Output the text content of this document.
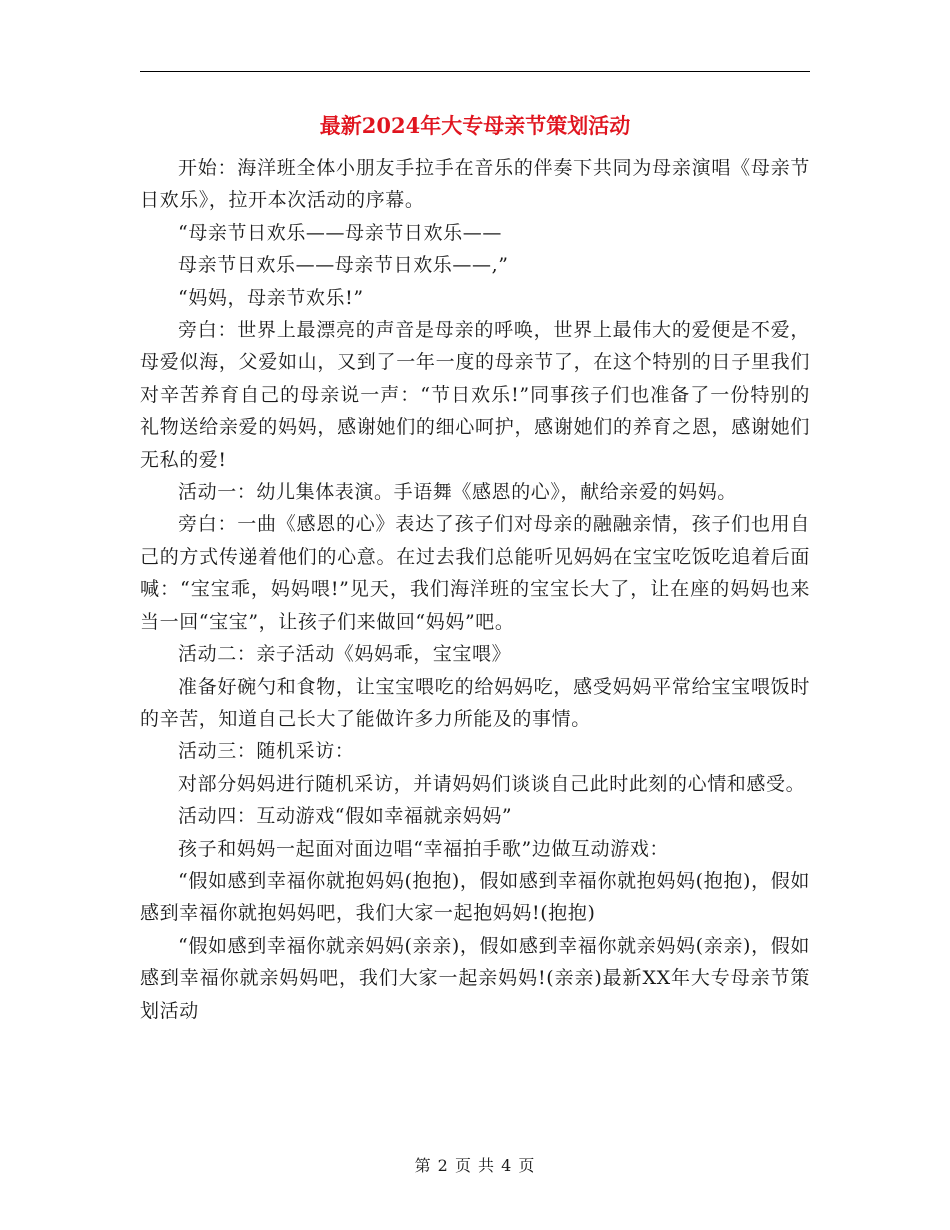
最新2024年大专母亲节策划活动

开始：海洋班全体小朋友手拉手在音乐的伴奏下共同为母亲演唱《母亲节日欢乐》，拉开本次活动的序幕。

“母亲节日欢乐——母亲节日欢乐——

母亲节日欢乐——母亲节日欢乐——,”

“妈妈，母亲节欢乐!”

旁白：世界上最漂亮的声音是母亲的呼唤，世界上最伟大的爱便是不爱，母爱似海，父爱如山，又到了一年一度的母亲节了，在这个特别的日子里我们对辛苦养育自己的母亲说一声：“节日欢乐!”同事孩子们也准备了一份特别的礼物送给亲爱的妈妈，感谢她们的细心呵护，感谢她们的养育之恩，感谢她们无私的爱!

活动一：幼儿集体表演。手语舞《感恩的心》，献给亲爱的妈妈。

旁白：一曲《感恩的心》表达了孩子们对母亲的融融亲情，孩子们也用自己的方式传递着他们的心意。在过去我们总能听见妈妈在宝宝吃饭吃追着后面喊：“宝宝乖，妈妈喂!”见天，我们海洋班的宝宝长大了，让在座的妈妈也来当一回“宝宝”，让孩子们来做回“妈妈”吧。

活动二：亲子活动《妈妈乖，宝宝喂》

准备好碗勺和食物，让宝宝喂吃的给妈妈吃，感受妈妈平常给宝宝喂饭时的辛苦，知道自己长大了能做许多力所能及的事情。

活动三：随机采访：

对部分妈妈进行随机采访，并请妈妈们谈谈自己此时此刻的心情和感受。

活动四：互动游戏“假如幸福就亲妈妈”

孩子和妈妈一起面对面边唱“幸福拍手歌”边做互动游戏：

“假如感到幸福你就抱妈妈(抱抱)，假如感到幸福你就抱妈妈(抱抱)，假如感到幸福你就抱妈妈吧，我们大家一起抱妈妈!(抱抱)

“假如感到幸福你就亲妈妈(亲亲)，假如感到幸福你就亲妈妈(亲亲)，假如感到幸福你就亲妈妈吧，我们大家一起亲妈妈!(亲亲)最新XX年大专母亲节策划活动

第 2 页 共 4 页
